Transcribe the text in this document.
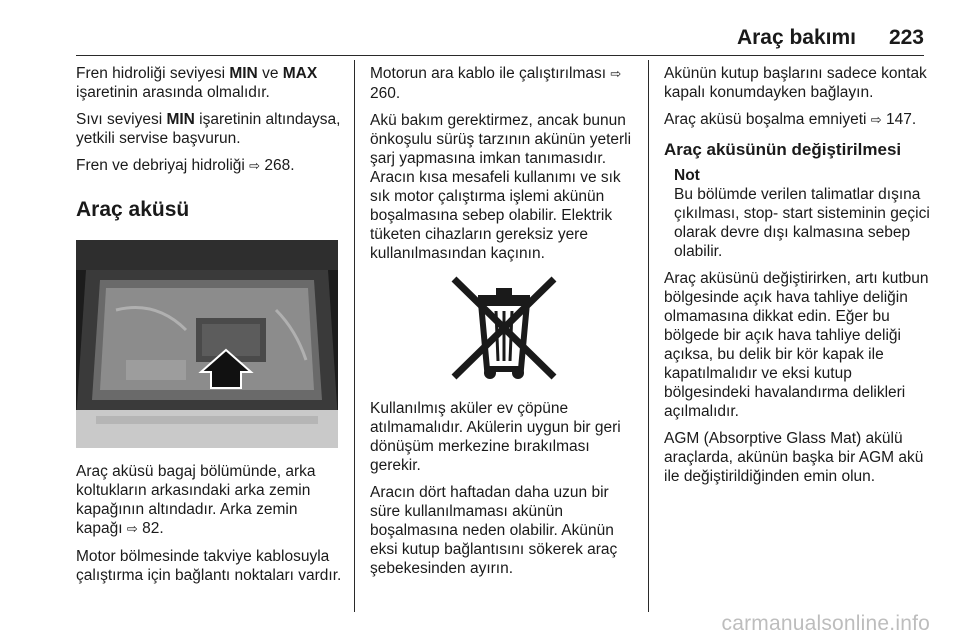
Araç bakımı 223

Fren hidroliği seviyesi MIN ve MAX işaretinin arasında olmalıdır.

Sıvı seviyesi MIN işaretinin altındaysa, yetkili servise başvurun.

Fren ve debriyaj hidroliği ⇨ 268.

Araç aküsü

Araç aküsü bagaj bölümünde, arka koltukların arkasındaki arka zemin kapağının altındadır. Arka zemin kapağı ⇨ 82.

Motor bölmesinde takviye kablosuyla çalıştırma için bağlantı noktaları vardır.

Motorun ara kablo ile çalıştırılması ⇨ 260.

Akü bakım gerektirmez, ancak bunun önkoşulu sürüş tarzının akünün yeterli şarj yapmasına imkan tanımasıdır. Aracın kısa mesafeli kullanımı ve sık sık motor çalıştırma işlemi akünün boşalmasına sebep olabilir. Elektrik tüketen cihazların gereksiz yere kullanılmasından kaçının.

Kullanılmış aküler ev çöpüne atılmamalıdır. Akülerin uygun bir geri dönüşüm merkezine bırakılması gerekir.

Aracın dört haftadan daha uzun bir süre kullanılmaması akünün boşalmasına neden olabilir. Akünün eksi kutup bağlantısını sökerek araç şebekesinden ayırın.

Akünün kutup başlarını sadece kontak kapalı konumdayken bağlayın.

Araç aküsü boşalma emniyeti ⇨ 147.

Araç aküsünün değiştirilmesi
Not
Bu bölümde verilen talimatlar dışına çıkılması, stop- start sisteminin geçici olarak devre dışı kalmasına sebep olabilir.

Araç aküsünü değiştirirken, artı kutbun bölgesinde açık hava tahliye deliğin olmamasına dikkat edin. Eğer bu bölgede bir açık hava tahliye deliği açıksa, bu delik bir kör kapak ile kapatılmalıdır ve eksi kutup bölgesindeki havalandırma delikleri açılmalıdır.

AGM (Absorptive Glass Mat) akülü araçlarda, akünün başka bir AGM akü ile değiştirildiğinden emin olun.

carmanualsonline.info
